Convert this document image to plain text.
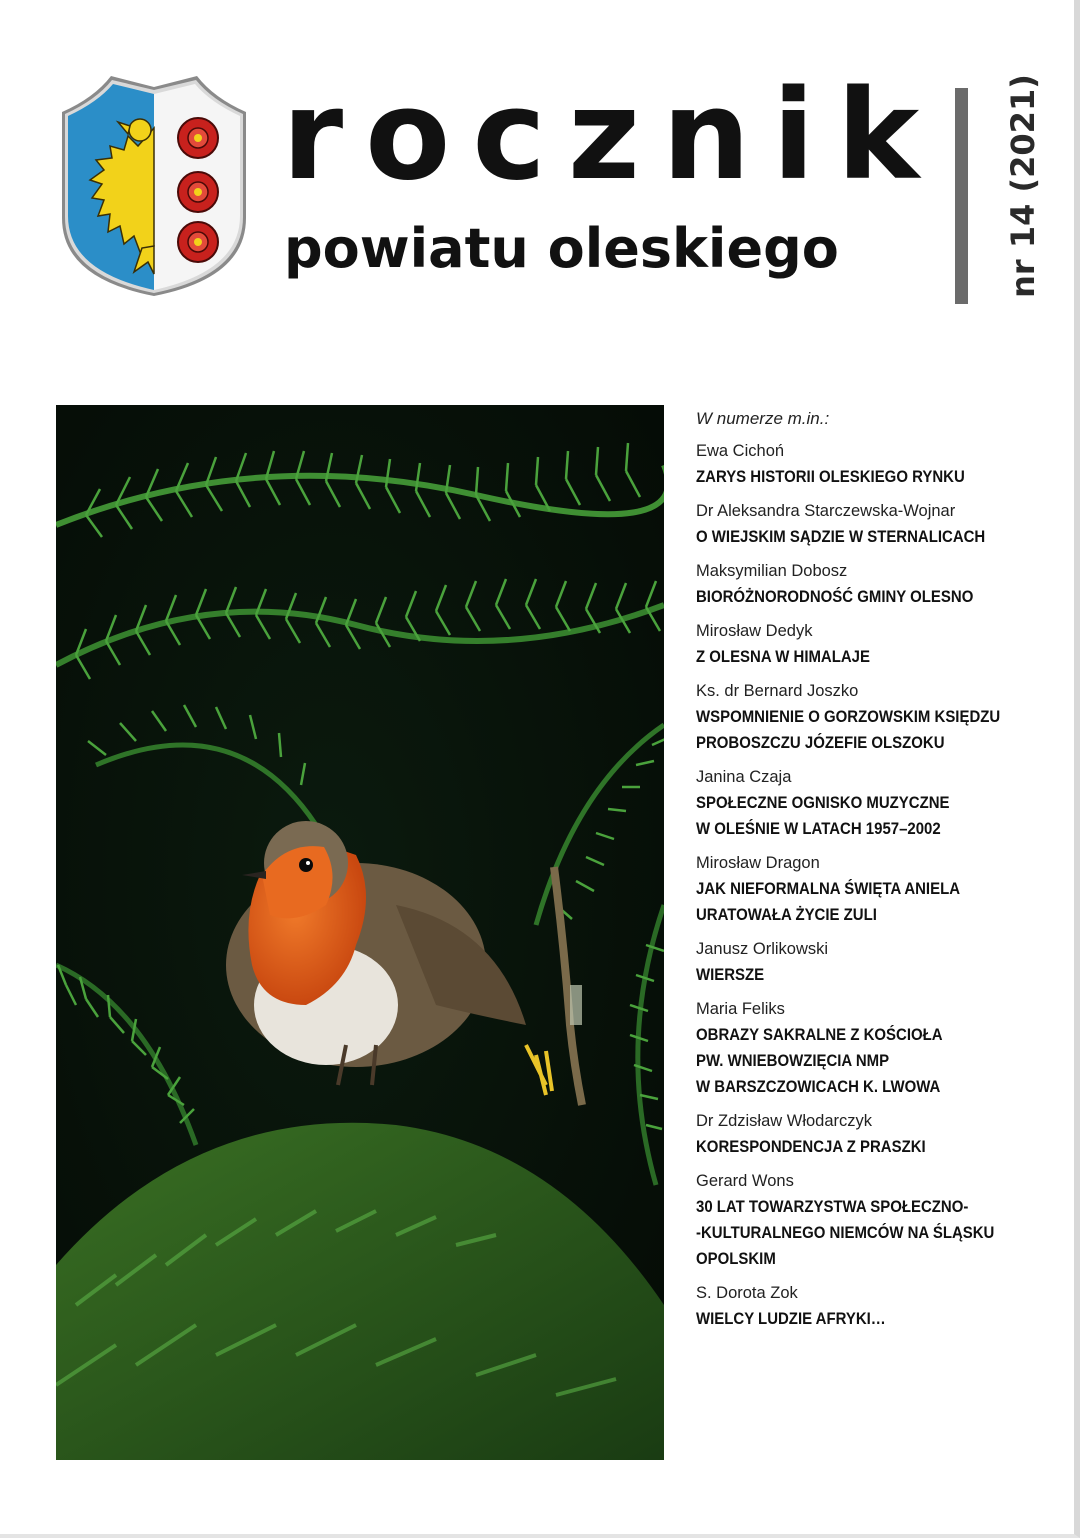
rocznik
powiatu oleskiego	nr 14 (2021)
W numerze m.in.:
Ewa Cichoń
ZARYS HISTORII OLESKIEGO RYNKU
Dr Aleksandra Starczewska-Wojnar
O WIEJSKIM SĄDZIE W STERNALICACH
Maksymilian Dobosz
BIORÓŻNORODNOŚĆ GMINY OLESNO
Mirosław Dedyk
Z OLESNA W HIMALAJE
Ks. dr Bernard Joszko
WSPOMNIENIE O GORZOWSKIM KSIĘDZU
PROBOSZCZU JÓZEFIE OLSZOKU
Janina Czaja
SPOŁECZNE OGNISKO MUZYCZNE
W OLEŚNIE W LATACH 1957–2002
Mirosław Dragon
JAK NIEFORMALNA ŚWIĘTA ANIELA
URATOWAŁA ŻYCIE ZULI
Janusz Orlikowski
WIERSZE
Maria Feliks
OBRAZY SAKRALNE Z KOŚCIOŁA
PW. WNIEBOWZIĘCIA NMP
W BARSZCZOWICACH K. LWOWA
Dr Zdzisław Włodarczyk
KORESPONDENCJA Z PRASZKI
Gerard Wons
30 LAT TOWARZYSTWA SPOŁECZNO-
-KULTURALNEGO NIEMCÓW NA ŚLĄSKU
OPOLSKIM
S. Dorota Zok
WIELCY LUDZIE AFRYKI…
